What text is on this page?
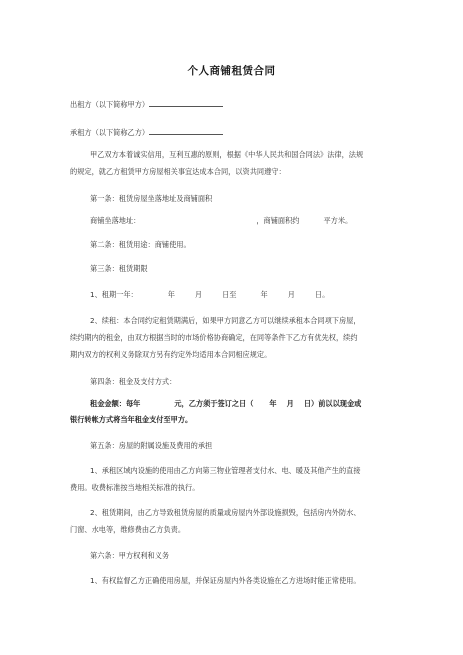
个人商铺租赁合同
出租方（以下简称甲方）
承租方（以下简称乙方）
甲乙双方本着诚实信用，互利互惠的原则，根据《中华人民共和国合同法》法律，法规
的规定，就乙方租赁甲方房屋相关事宜达成本合同，以资共同遵守：
第一条：租赁房屋坐落地址及商铺面积
商铺坐落地址：	，商铺面积约	平方米。
第二条：租赁用途：商铺使用。
第三条：租赁期限
1、租期一年：	年	月	日至	年	月	日。
2、续租：本合同约定租赁期满后，如果甲方同意乙方可以继续承租本合同项下房屋，
续约期内的租金，由双方根据当时的市场价格协商确定，在同等条件下乙方有优先权，续约
期内双方的权利义务除双方另有约定外均适用本合同相应规定。
第四条：租金及支付方式：
租金金额：每年	元，乙方须于签订之日（ 年 月 日）前以以现金或
银行转帐方式将当年租金支付至甲方。
第五条：房屋的附属设施及费用的承担
1、承租区域内设施的使用由乙方向第三物业管理者支付水、电、暖及其他产生的直接
费用。收费标准按当地相关标准的执行。
2、租赁期间，由乙方导致租赁房屋的质量或房屋内外部设施损毁，包括房内外防水、
门窗、水电等，维修费由乙方负责。
第六条：甲方权利和义务
1、有权监督乙方正确使用房屋，并保证房屋内外各类设施在乙方进场时能正常使用。
